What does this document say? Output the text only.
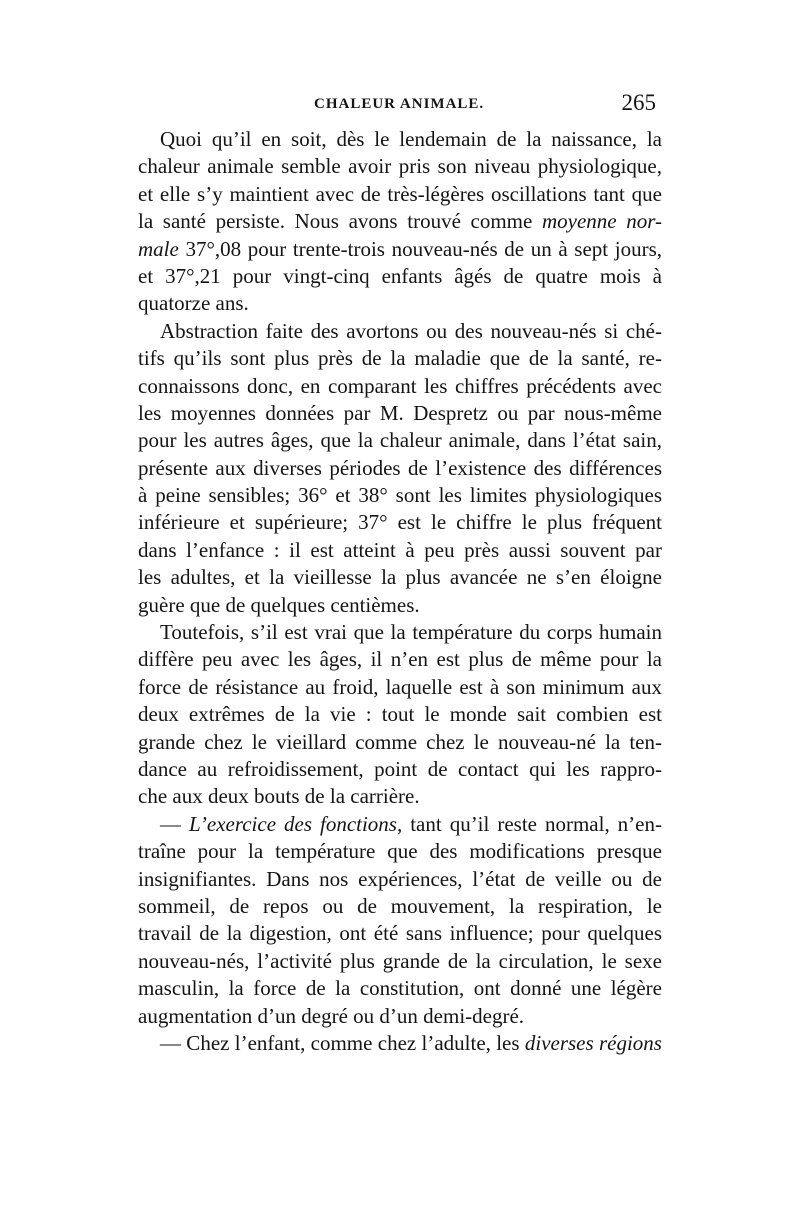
CHALEUR ANIMALE.	265
Quoi qu’il en soit, dès le lendemain de la naissance, la
chaleur animale semble avoir pris son niveau physiologique,
et elle s’y maintient avec de très-légères oscillations tant que
la santé persiste. Nous avons trouvé comme moyenne nor-
male 37°,08 pour trente-trois nouveau-nés de un à sept jours,
et 37°,21 pour vingt-cinq enfants âgés de quatre mois à
quatorze ans.
Abstraction faite des avortons ou des nouveau-nés si ché-
tifs qu’ils sont plus près de la maladie que de la santé, re-
connaissons donc, en comparant les chiffres précédents avec
les moyennes données par M. Despretz ou par nous-même
pour les autres âges, que la chaleur animale, dans l’état sain,
présente aux diverses périodes de l’existence des différences
à peine sensibles; 36° et 38° sont les limites physiologiques
inférieure et supérieure; 37° est le chiffre le plus fréquent
dans l’enfance : il est atteint à peu près aussi souvent par
les adultes, et la vieillesse la plus avancée ne s’en éloigne
guère que de quelques centièmes.
Toutefois, s’il est vrai que la température du corps humain
diffère peu avec les âges, il n’en est plus de même pour la
force de résistance au froid, laquelle est à son minimum aux
deux extrêmes de la vie : tout le monde sait combien est
grande chez le vieillard comme chez le nouveau-né la ten-
dance au refroidissement, point de contact qui les rappro-
che aux deux bouts de la carrière.
— L’exercice des fonctions, tant qu’il reste normal, n’en-
traîne pour la température que des modifications presque
insignifiantes. Dans nos expériences, l’état de veille ou de
sommeil, de repos ou de mouvement, la respiration, le
travail de la digestion, ont été sans influence; pour quelques
nouveau-nés, l’activité plus grande de la circulation, le sexe
masculin, la force de la constitution, ont donné une légère
augmentation d’un degré ou d’un demi-degré.
— Chez l’enfant, comme chez l’adulte, les diverses régions
